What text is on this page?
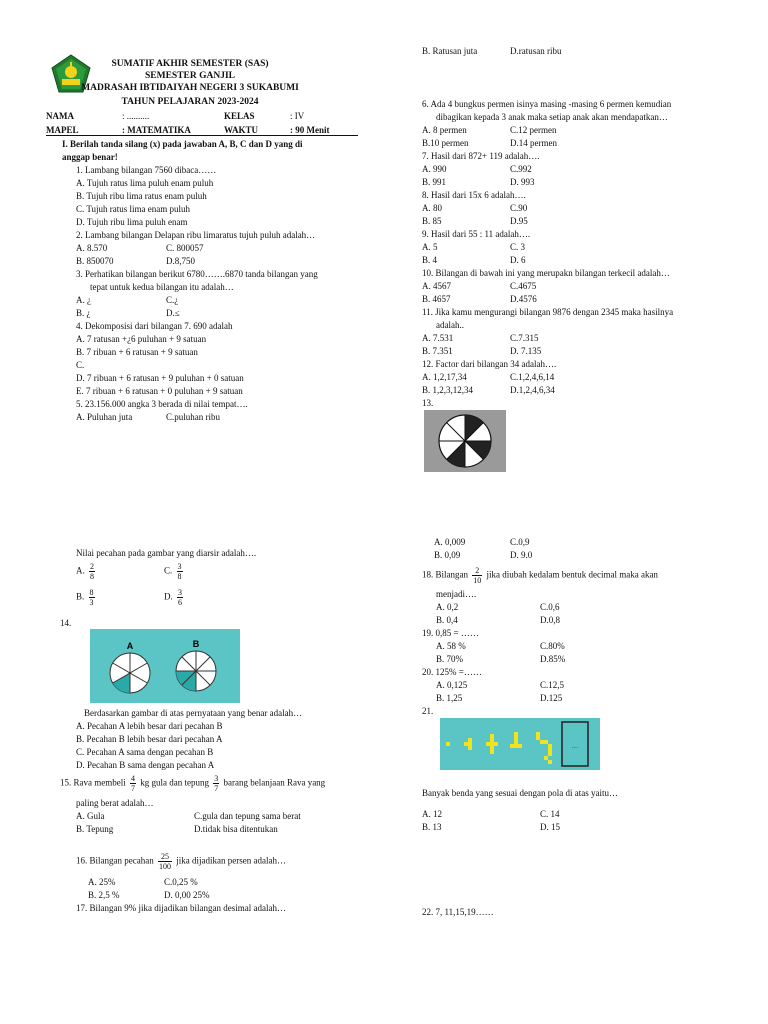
SUMATIF AKHIR SEMESTER (SAS)
SEMESTER GANJIL
MADRASAH IBTIDAIYAH NEGERI 3 SUKABUMI
TAHUN PELAJARAN 2023-2024
NAMA	: ..........	KELAS	: IV
MAPEL	: MATEMATIKA	WAKTU	: 90 Menit
I. Berilah tanda silang (x) pada jawaban A, B, C dan D yang di
anggap benar!
1. Lambang bilangan 7560 dibaca……
A. Tujuh ratus lima puluh enam puluh
B. Tujuh ribu lima ratus enam puluh
C. Tujuh ratus lima enam puluh
D. Tujuh ribu lima puluh enam
2. Lambang bilangan Delapan ribu limaratus tujuh puluh adalah…
A. 8.570	C. 800057
B. 850070	D.8,750
3. Perhatikan bilangan berikut 6780…….6870 tanda bilangan yang
tepat untuk kedua bilangan itu adalah…
A. ¿	C.¿
B. ¿	D.≤
4. Dekomposisi dari bilangan 7. 690 adalah
A. 7 ratusan +¿6 puluhan + 9 satuan
B. 7 ribuan + 6 ratusan + 9 satuan
C.
D. 7 ribuan + 6 ratusan + 9 puluhan + 0 satuan
E. 7 ribuan + 6 ratusan + 0 puluhan + 9 satuan
5. 23.156.000 angka 3 berada di nilai tempat….
A. Puluhan juta	C.puluhan ribu
Nilai pecahan pada gambar yang diarsir adalah….
A. $\frac{2}{8}$	C. $\frac{3}{8}$
B. $\frac{8}{3}$	D. $\frac{3}{6}$
14.
A	B
Berdasarkan gambar di atas pernyataan yang benar adalah…
A. Pecahan A lebih besar dari pecahan B
B. Pecahan B lebih besar dari pecahan A
C. Pecahan A sama dengan pecahan B
D. Pecahan B sama dengan pecahan A
15. Rava membeli $\frac{4}{7}$ kg gula dan tepung $\frac{3}{7}$ barang belanjaan Rava yang
paling berat adalah…
A. Gula	C.gula dan tepung sama berat
B. Tepung	D.tidak bisa ditentukan
16. Bilangan pecahan $\frac{25}{100}$ jika dijadikan persen adalah…
A. 25%	C.0,25 %
B. 2,5 %	D. 0,00 25%
17. Bilangan 9% jika dijadikan bilangan desimal adalah…
B. Ratusan juta	D.ratusan ribu
6. Ada 4 bungkus permen isinya masing -masing 6 permen kemudian
dibagikan kepada 3 anak maka setiap anak akan mendapatkan…
A. 8 permen	C.12 permen
B.10 permen	D.14 permen
7. Hasil dari 872+ 119 adalah….
A. 990	C.992
B. 991	D. 993
8. Hasil dari 15x 6 adalah….
A. 80	C.90
B. 85	D.95
9. Hasil dari 55 : 11 adalah….
A. 5	C. 3
B. 4	D. 6
10. Bilangan di bawah ini yang merupakn bilangan terkecil adalah…
A. 4567	C.4675
B. 4657	D.4576
11. Jika kamu mengurangi bilangan 9876 dengan 2345 maka hasilnya
adalah..
A. 7.531	C.7.315
B. 7.351	D. 7.135
12. Factor dari bilangan 34 adalah….
A. 1,2,17,34	C.1,2,4,6,14
B. 1,2,3,12,34	D.1,2,4,6,34
13.
A. 0,009	C.0,9
B. 0,09	D. 9.0
18. Bilangan $\frac{2}{10}$ jika diubah kedalam bentuk decimal maka akan
menjadi….
A. 0,2	C.0,6
B. 0,4	D.0,8
19. 0,85 = ……
A. 58 %	C.80%
B. 70%	D.85%
20. 125% =……
A. 0,125	C.12,5
B. 1,25	D.125
21.
...
Banyak benda yang sesuai dengan pola di atas yaitu…
A. 12	C. 14
B. 13	D. 15
22. 7, 11,15,19……
